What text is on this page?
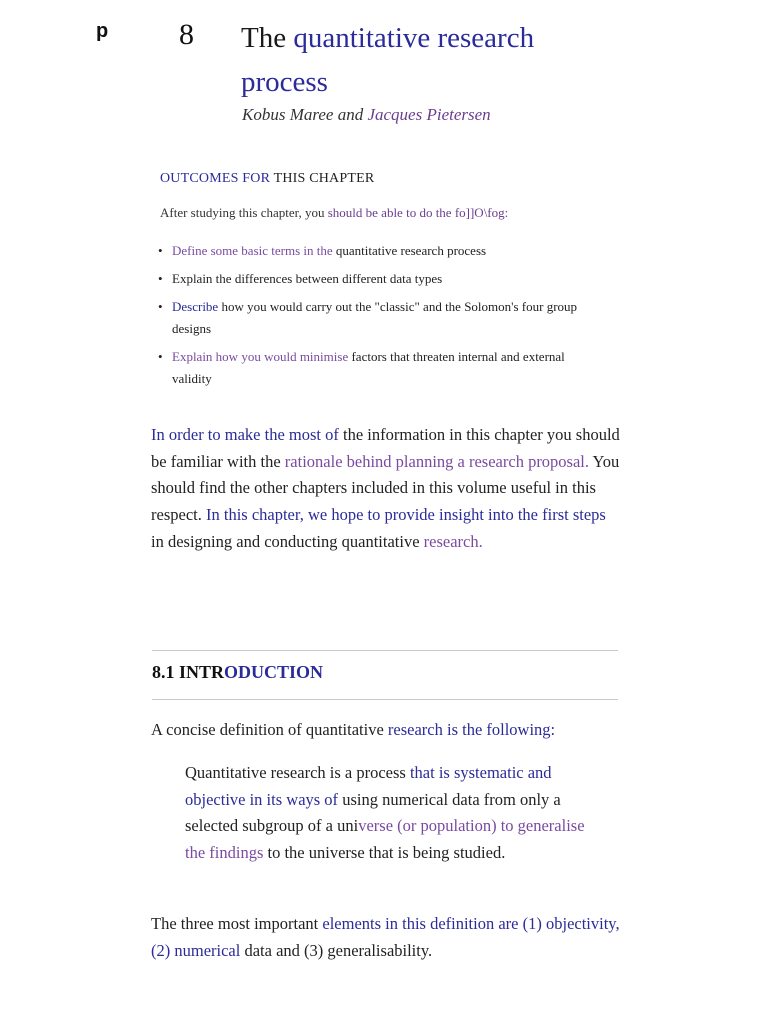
p 8 The quantitative research
process
Kobus Maree and Jacques Pietersen
OUTCOMES FOR THIS CHAPTER
After studying this chapter, you should be able to do the fo]]O\fog:
• Define some basic terms in the quantitative research process
• Explain the differences between different data types
• Describe how you would carry out the "classic" and the Solomon's four group designs
• Explain how you would minimise factors that threaten internal and external validity
In order to make the most of the information in this chapter you should be familiar with the rationale behind planning a research proposal. You should find the other chapters included in this volume useful in this respect. In this chapter, we hope to provide insight into the first steps in designing and conducting quantitative research.
8.1 INTRODUCTION
A concise definition of quantitative research is the following:
Quantitative research is a process that is systematic and objective in its ways of using numerical data from only a selected subgroup of a universe (or population) to generalise the findings to the universe that is being studied.
The three most important elements in this definition are (1) objectivity, (2) numerical data and (3) generalisability.
